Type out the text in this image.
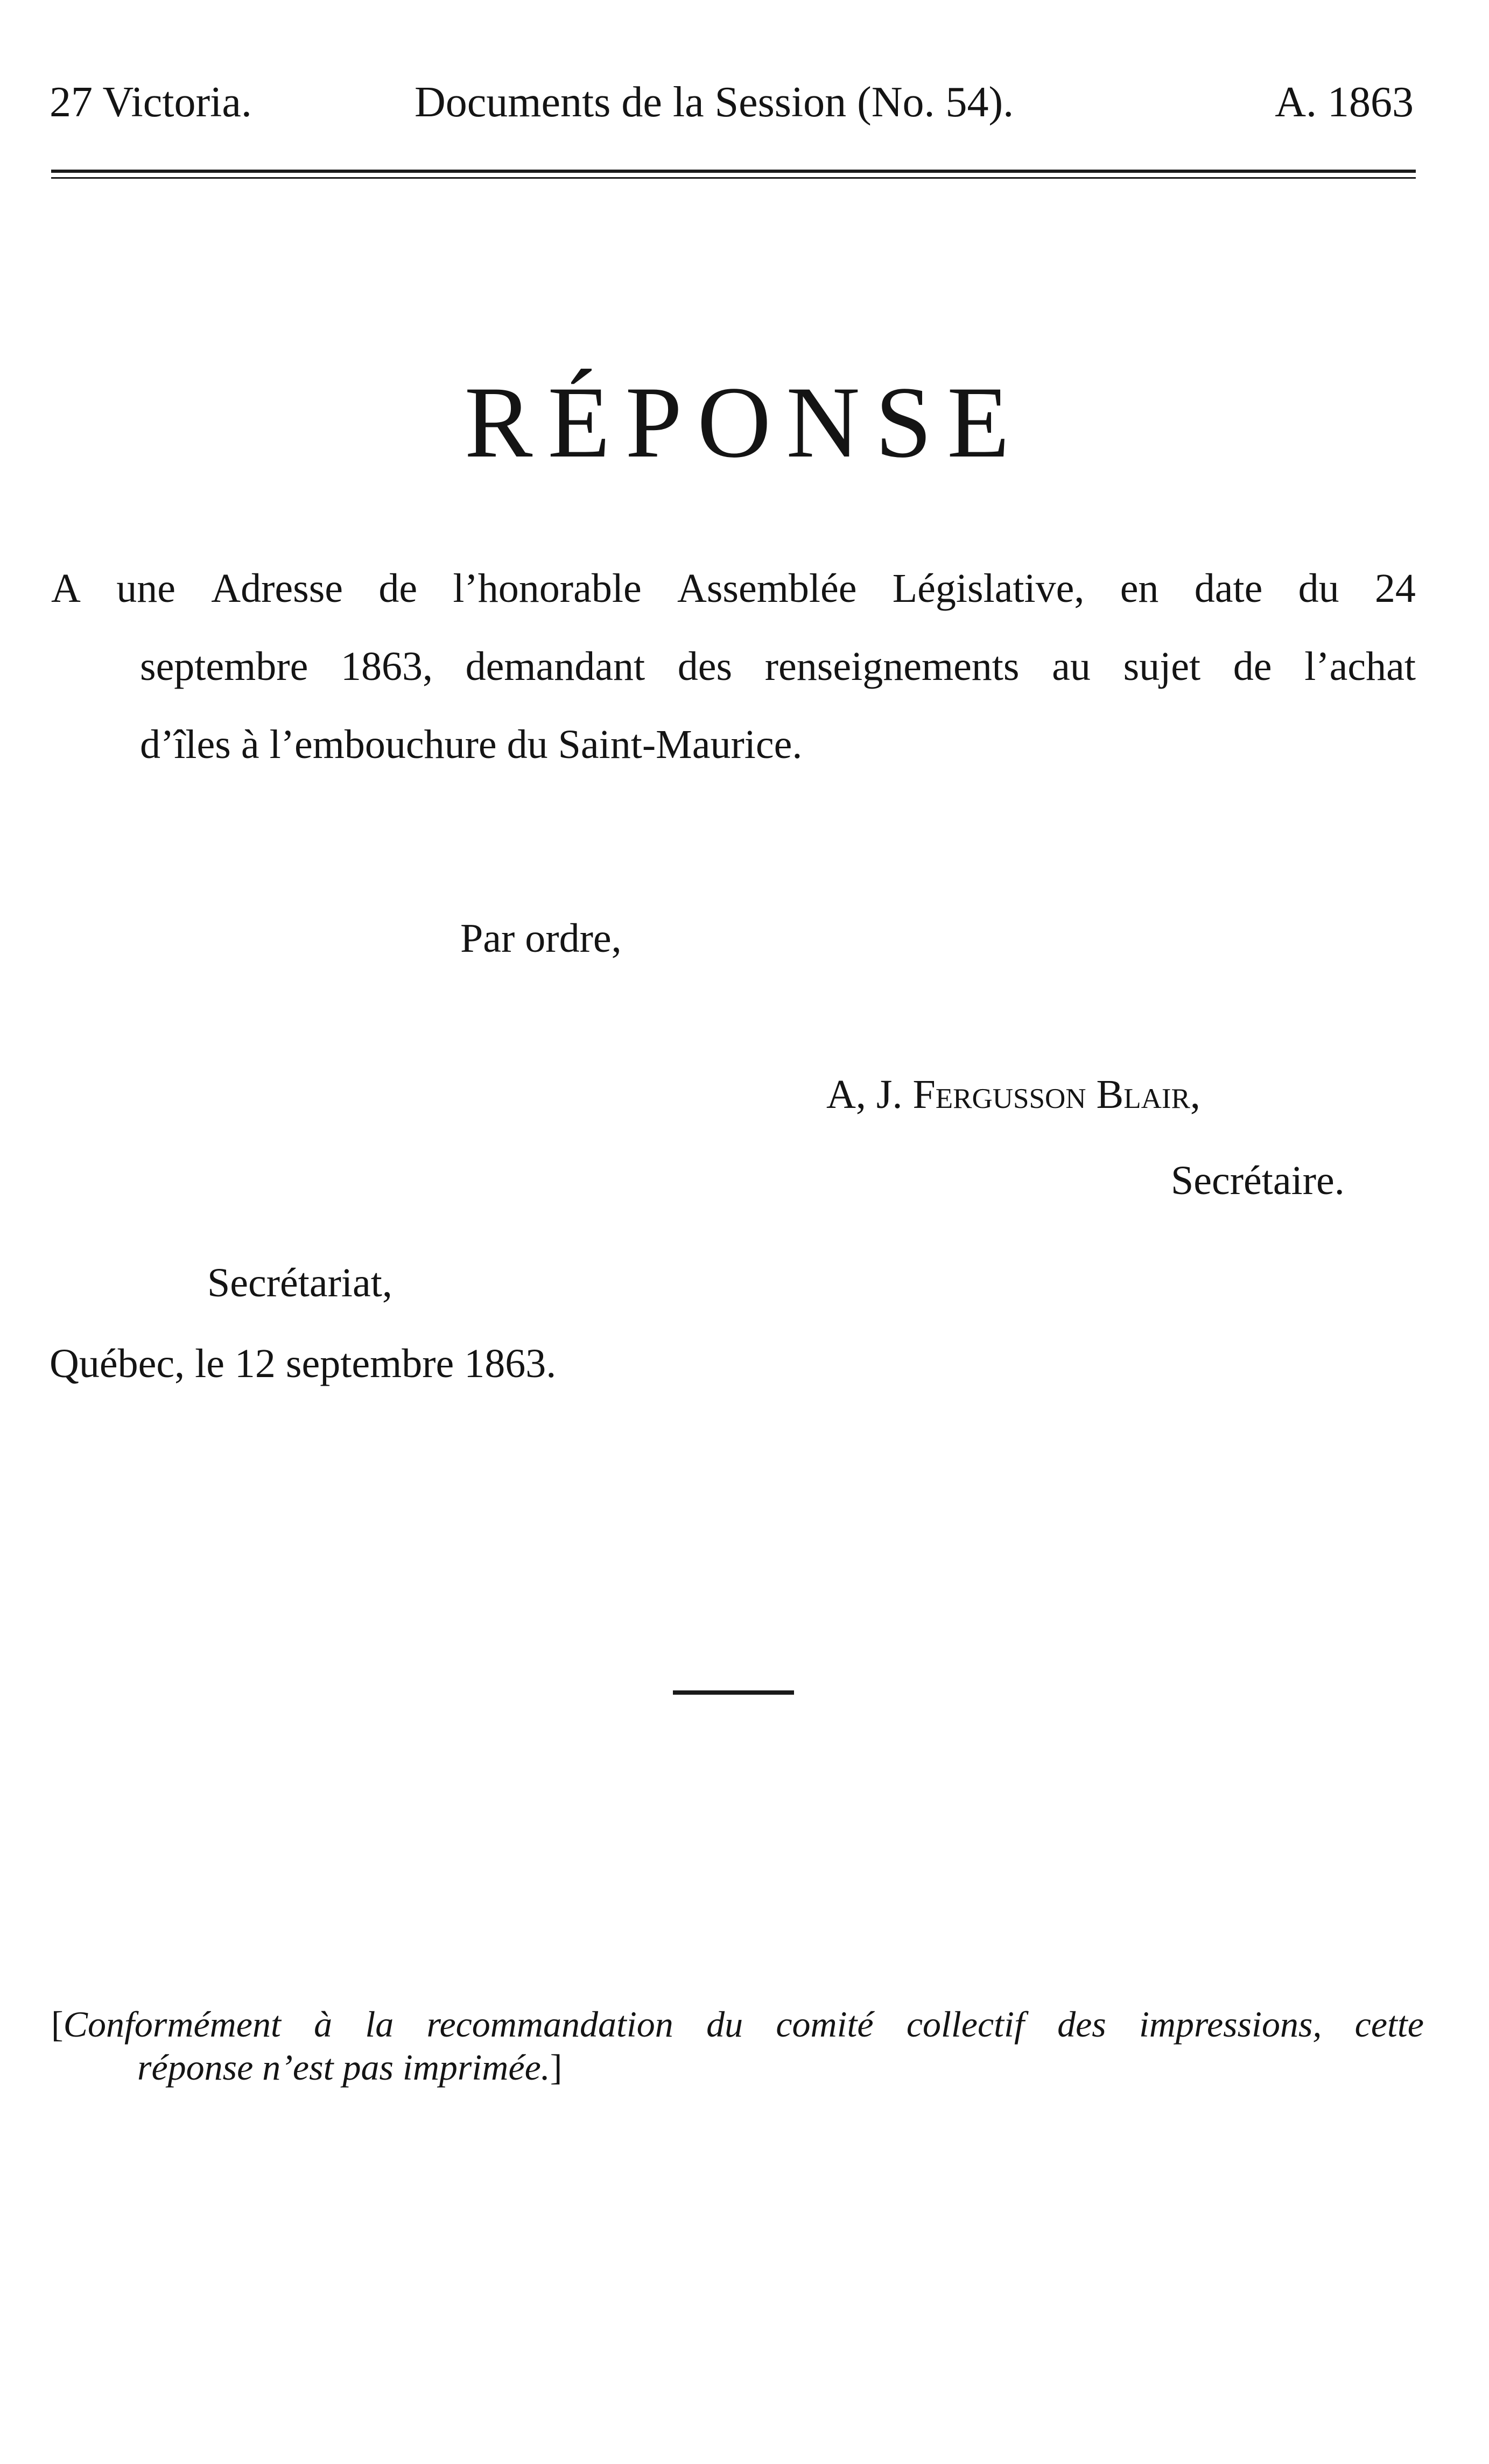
27 Victoria.	Documents de la Session (No. 54).	A. 1863
RÉPONSE
A une Adresse de l’honorable Assemblée Législative, en date du 24
septembre 1863, demandant des renseignements au sujet de l’achat
d’îles à l’embouchure du Saint-Maurice.
Par ordre,
A, J. Fergusson Blair,
Secrétaire.
Secrétariat,
Québec, le 12 septembre 1863.
[Conformément à la recommandation du comité collectif des impressions, cette
réponse n’est pas imprimée.]
